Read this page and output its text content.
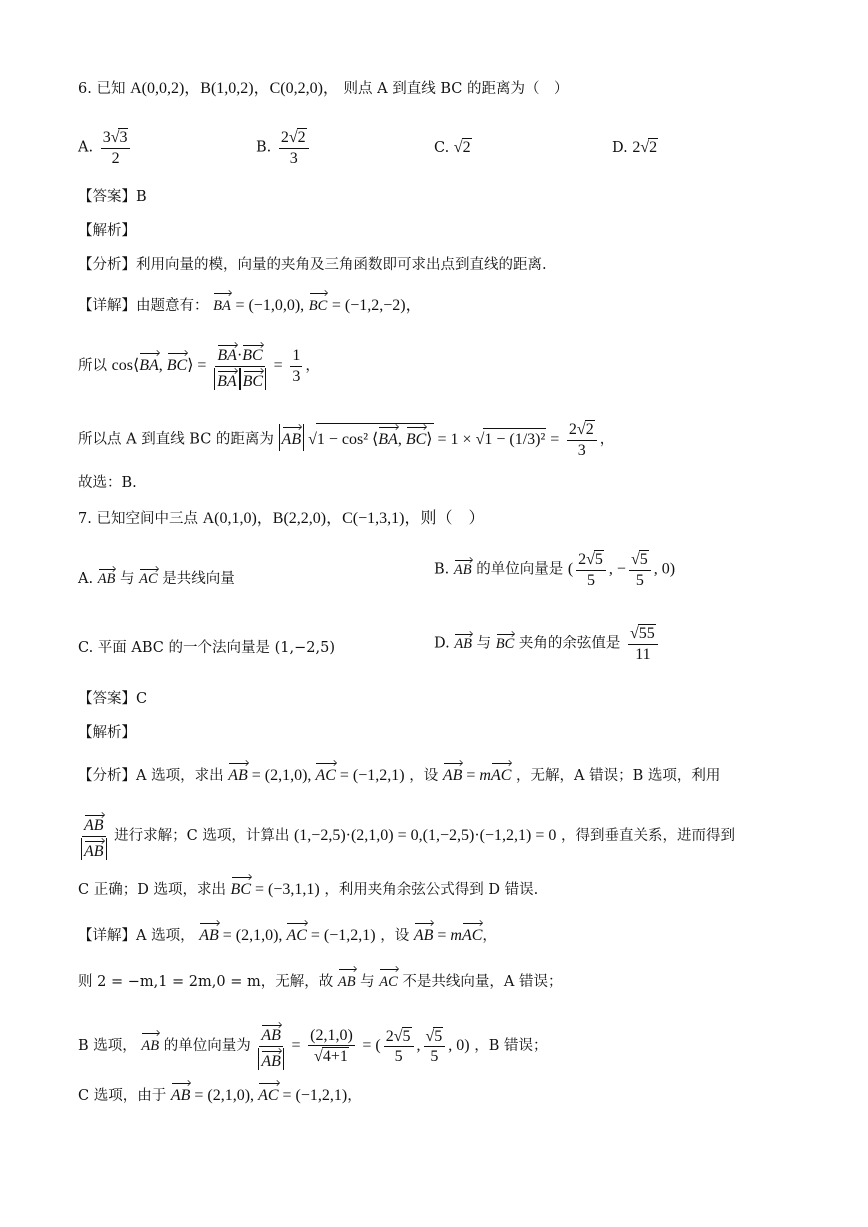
6. 已知 A(0,0,2)，B(1,0,2)，C(0,2,0)， 则点 A 到直线 BC 的距离为（　）
A. $\frac{3√3}{2}$	B. $\frac{2√2}{3}$	C. √2	D. 2√2
【答案】B
【解析】
【分析】利用向量的模，向量的夹角及三角函数即可求出点到直线的距离.
【详解】由题意有： BA = (−1,0,0), BC = (−1,2,−2)，
所以 cos⟨BA, BC⟩ = $\frac{BA\cdot BC}{\text{BA BC}} = \frac{1}{3}$ ，
所以点 A 到直线 BC 的距离为 AB √1 − cos² ⟨BA, BC⟩ = $1 \times √1 - (1/3)^2 = \frac{2√2}{3}$ ，
故选：B.
7. 已知空间中三点 A(0,1,0)，B(2,2,0)，C(−1,3,1)，则（　）
A. AB 与 AC 是共线向量
B. AB 的单位向量是 ( $\frac{2√5}{5}$ , − $\frac{√5}{5}$ , 0)
C. 平面 ABC 的一个法向量是 (1,−2,5)	D. AB 与 BC 夹角的余弦值是 $\frac{√55}{11}$
【答案】C
【解析】
【分析】A 选项，求出 AB = (2,1,0), AC = (−1,2,1) ，设 AB = mAC ，无解，A 错误；B 选项，利用
$\frac{AB}{AB}$ 进行求解；C 选项，计算出 (1,−2,5)·(2,1,0) = 0,(1,−2,5)·(−1,2,1) = 0 ，得到垂直关系，进而得到
C 正确；D 选项，求出 BC = (−3,1,1) ，利用夹角余弦公式得到 D 错误.
【详解】A 选项， AB = (2,1,0), AC = (−1,2,1) ，设 AB = mAC，
则 2 = −m,1 = 2m,0 = m，无解，故 AB 与 AC 不是共线向量，A 错误；
B 选项， AB 的单位向量为 $\frac{AB}{AB} = \frac{(2,1,0)}{√4+1}$ = ( $\frac{2√5}{5}$ , $\frac{√5}{5}$ , 0) ，B 错误；
C 选项，由于 AB = (2,1,0), AC = (−1,2,1)，
